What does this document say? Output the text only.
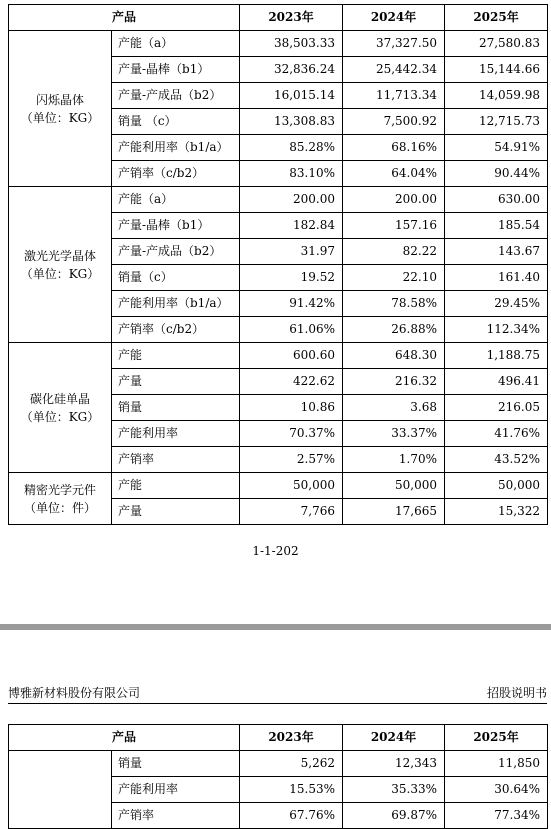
产品		2023年	2024年	2025年

闪烁晶体
（单位：KG）	产能（a）	38,503.33	37,327.50	27,580.83
	产量-晶棒（b1）	32,836.24	25,442.34	15,144.66
	产量-产成品（b2）	16,015.14	11,713.34	14,059.98
	销量 （c）	13,308.83	7,500.92	12,715.73
	产能利用率（b1/a）	85.28%	68.16%	54.91%
	产销率（c/b2）	83.10%	64.04%	90.44%

激光光学晶体
（单位：KG）	产能（a）	200.00	200.00	630.00
	产量-晶棒（b1）	182.84	157.16	185.54
	产量-产成品（b2）	31.97	82.22	143.67
	销量（c）	19.52	22.10	161.40
	产能利用率（b1/a）	91.42%	78.58%	29.45%
	产销率（c/b2）	61.06%	26.88%	112.34%

碳化硅单晶
（单位：KG）	产能	600.60	648.30	1,188.75
	产量	422.62	216.32	496.41
	销量	10.86	3.68	216.05
	产能利用率	70.37%	33.37%	41.76%
	产销率	2.57%	1.70%	43.52%

精密光学元件
（单位：件）	产能	50,000	50,000	50,000
	产量	7,766	17,665	15,322
1-1-202
博雅新材料股份有限公司	招股说明书
产品		2023年	2024年	2025年
	销量	5,262	12,343	11,850
	产能利用率	15.53%	35.33%	30.64%
	产销率	67.76%	69.87%	77.34%
